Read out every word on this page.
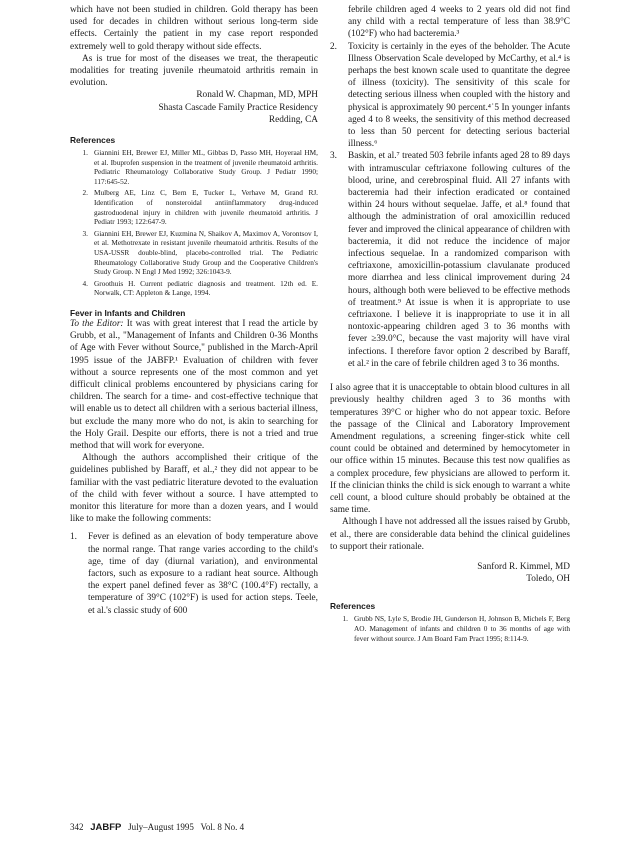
which have not been studied in children. Gold therapy has been used for decades in children without serious long-term side effects. Certainly the patient in my case report responded extremely well to gold therapy without side effects.

As is true for most of the diseases we treat, the therapeutic modalities for treating juvenile rheumatoid arthritis remain in evolution.

Ronald W. Chapman, MD, MPH
Shasta Cascade Family Practice Residency
Redding, CA
References
1. Giannini EH, Brewer EJ, Miller ML, Gibbas D, Passo MH, Hoyeraal HM, et al. Ibuprofen suspension in the treatment of juvenile rheumatoid arthritis. Pediatric Rheumatology Collaborative Study Group. J Pediatr 1990; 117:645-52.
2. Mulberg AE, Linz C, Bern E, Tucker L, Verhave M, Grand RJ. Identification of nonsteroidal antiinflammatory drug-induced gastroduodenal injury in children with juvenile rheumatoid arthritis. J Pediatr 1993; 122:647-9.
3. Giannini EH, Brewer EJ, Kuzmina N, Shaikov A, Maximov A, Vorontsov I, et al. Methotrexate in resistant juvenile rheumatoid arthritis. Results of the USA-USSR double-blind, placebo-controlled trial. The Pediatric Rheumatology Collaborative Study Group and the Cooperative Children's Study Group. N Engl J Med 1992; 326:1043-9.
4. Groothuis H. Current pediatric diagnosis and treatment. 12th ed. E. Norwalk, CT: Appleton & Lange, 1994.
Fever in Infants and Children

To the Editor: It was with great interest that I read the article by Grubb, et al., "Management of Infants and Children 0-36 Months of Age with Fever without Source," published in the March-April 1995 issue of the JABFP.¹ Evaluation of children with fever without a source represents one of the most common and yet difficult clinical problems encountered by physicians caring for children. The search for a time- and cost-effective technique that will enable us to detect all children with a serious bacterial illness, but exclude the many more who do not, is akin to searching for the Holy Grail. Despite our efforts, there is not a tried and true method that will work for everyone.

Although the authors accomplished their critique of the guidelines published by Baraff, et al.,² they did not appear to be familiar with the vast pediatric literature devoted to the evaluation of the child with fever without a source. I have attempted to monitor this literature for more than a dozen years, and I would like to make the following comments:

1.	Fever is defined as an elevation of body temperature above the normal range. That range varies according to the child's age, time of day (diurnal variation), and environmental factors, such as exposure to a radiant heat source. Although the expert panel defined fever as 38°C (100.4°F) rectally, a temperature of 39°C (102°F) is used for action steps. Teele, et al.'s classic study of 600
febrile children aged 4 weeks to 2 years old did not find any child with a rectal temperature of less than 38.9°C (102°F) who had bacteremia.³
2.	Toxicity is certainly in the eyes of the beholder. The Acute Illness Observation Scale developed by McCarthy, et al.⁴ is perhaps the best known scale used to quantitate the degree of illness (toxicity). The sensitivity of this scale for detecting serious illness when coupled with the history and physical is approximately 90 percent.⁴˙5 In younger infants aged 4 to 8 weeks, the sensitivity of this method decreased to less than 50 percent for detecting serious bacterial illness.⁶
3.	Baskin, et al.⁷ treated 503 febrile infants aged 28 to 89 days with intramuscular ceftriaxone following cultures of the blood, urine, and cerebrospinal fluid. All 27 infants with bacteremia had their infection eradicated or contained within 24 hours without sequelae. Jaffe, et al.⁸ found that although the administration of oral amoxicillin reduced fever and improved the clinical appearance of children with bacteremia, it did not reduce the incidence of major infectious sequelae. In a randomized comparison with ceftriaxone, amoxicillin-potassium clavulanate produced more diarrhea and less clinical improvement during 24 hours, although both were believed to be effective methods of treatment.⁹ At issue is when it is appropriate to use ceftriaxone. I believe it is inappropriate to use it in all nontoxic-appearing children aged 3 to 36 months with fever ≥39.0°C, because the vast majority will have viral infections. I therefore favor option 2 described by Baraff, et al.² in the care of febrile children aged 3 to 36 months.

I also agree that it is unacceptable to obtain blood cultures in all previously healthy children aged 3 to 36 months with temperatures 39°C or higher who do not appear toxic. Before the passage of the Clinical and Laboratory Improvement Amendment regulations, a screening finger-stick white cell count could be obtained and determined by hemocytometer in our office within 15 minutes. Because this test now qualifies as a complex procedure, few physicians are allowed to perform it. If the clinician thinks the child is sick enough to warrant a white cell count, a blood culture should probably be obtained at the same time.

Although I have not addressed all the issues raised by Grubb, et al., there are considerable data behind the clinical guidelines to support their rationale.

Sanford R. Kimmel, MD
Toledo, OH
References
1. Grubb NS, Lyle S, Brodie JH, Gunderson H, Johnson B, Michels F, Berg AO. Management of infants and children 0 to 36 months of age with fever without source. J Am Board Fam Pract 1995; 8:114-9.
342 JABFP July–August 1995 Vol. 8 No. 4
